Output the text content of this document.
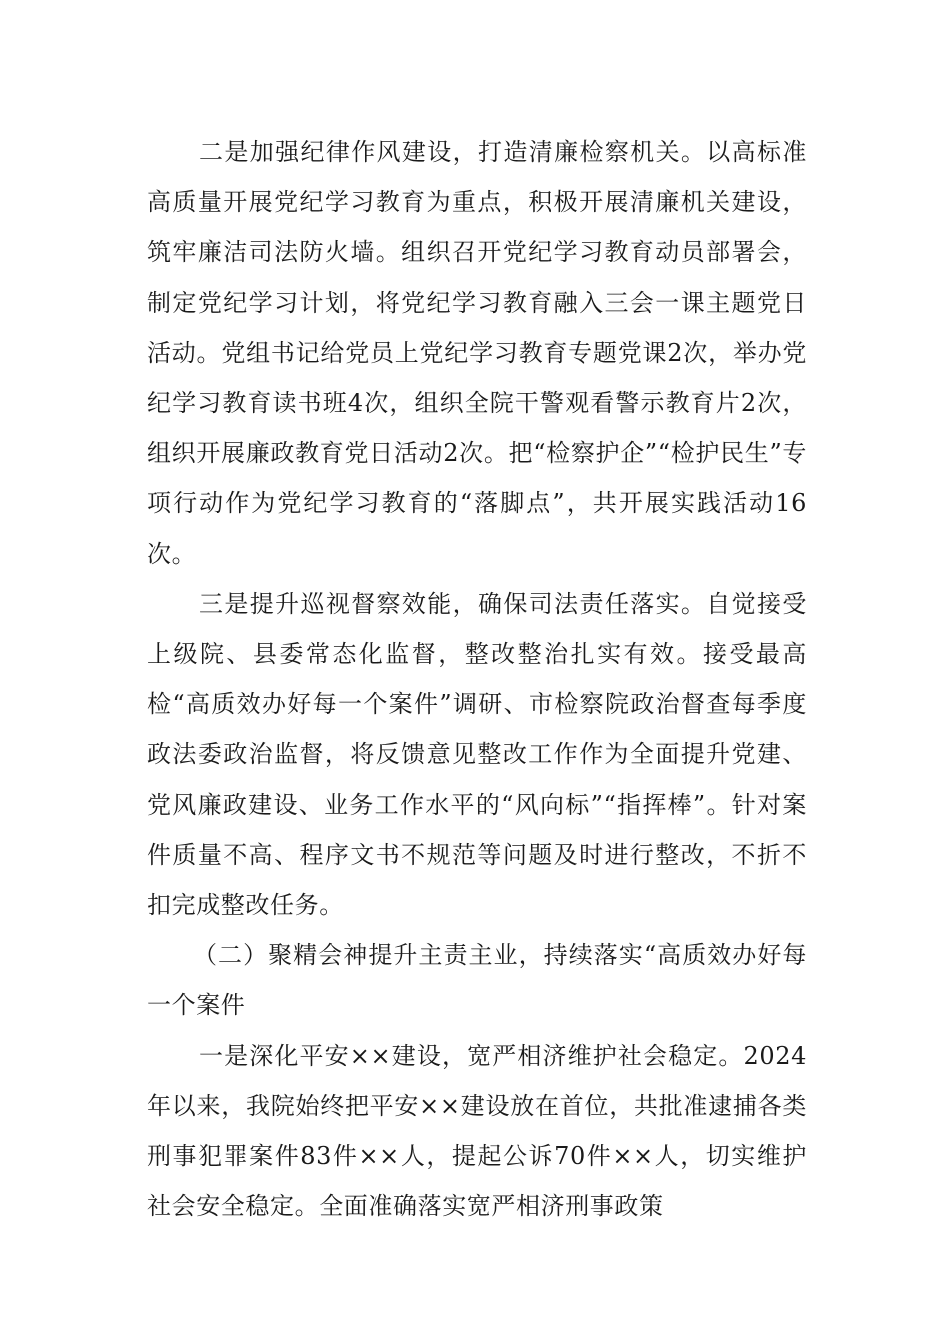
二是加强纪律作风建设，打造清廉检察机关。以高标准高质量开展党纪学习教育为重点，积极开展清廉机关建设，筑牢廉洁司法防火墙。组织召开党纪学习教育动员部署会，制定党纪学习计划，将党纪学习教育融入三会一课主题党日活动。党组书记给党员上党纪学习教育专题党课2次，举办党纪学习教育读书班4次，组织全院干警观看警示教育片2次，组织开展廉政教育党日活动2次。把“检察护企”“检护民生”专项行动作为党纪学习教育的“落脚点”，共开展实践活动16次。

三是提升巡视督察效能，确保司法责任落实。自觉接受上级院、县委常态化监督，整改整治扎实有效。接受最高检“高质效办好每一个案件”调研、市检察院政治督查每季度政法委政治监督，将反馈意见整改工作作为全面提升党建、党风廉政建设、业务工作水平的“风向标”“指挥棒”。针对案件质量不高、程序文书不规范等问题及时进行整改，不折不扣完成整改任务。

（二）聚精会神提升主责主业，持续落实“高质效办好每一个案件

一是深化平安××建设，宽严相济维护社会稳定。2024年以来，我院始终把平安××建设放在首位，共批准逮捕各类刑事犯罪案件83件××人，提起公诉70件××人，切实维护社会安全稳定。全面准确落实宽严相济刑事政策
